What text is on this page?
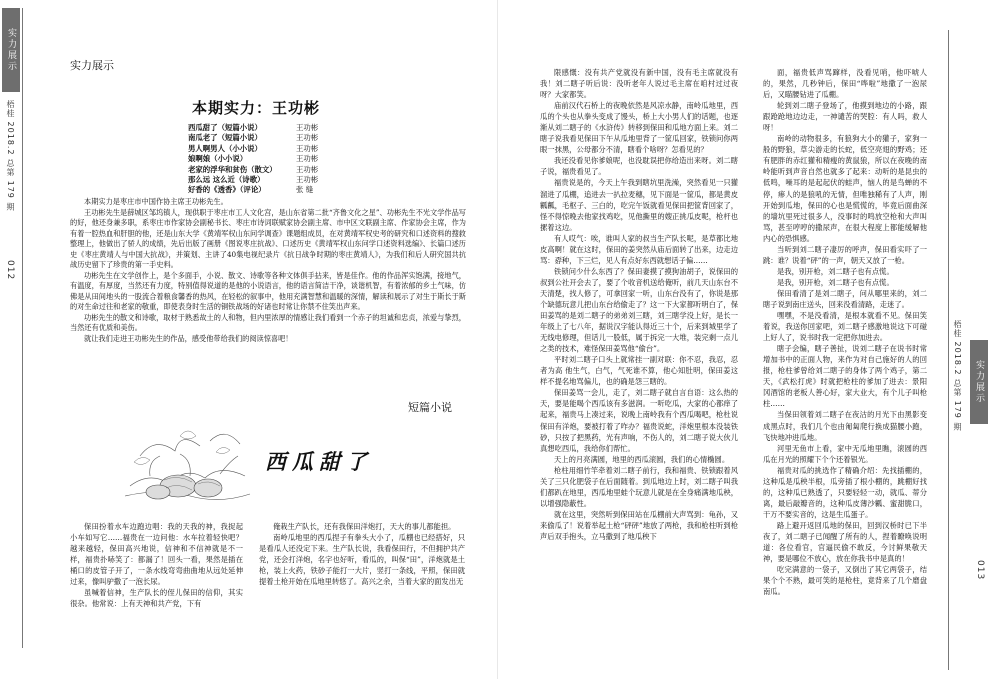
实力展示
梧桂 2018.2 总第 179 期
012
实力展示
本期实力：王功彬
西瓜甜了（短篇小说）	王功彬
南瓜老了（短篇小说）	王功彬
男人啊男人（小小说）	王功彬
娘啊娘（小小说）	王功彬
老家的浮华和贫伤（散文）	王功彬
那么远 这么近（诗歌）	王功彬
好香的《透香》（评论）	张 缝

本期实力是枣庄市中国作协主席王功彬先生。

王功彬先生是薛城区邹坞镇人，现供职于枣庄市工人文化宫，是山东省第二批“齐鲁文化之星”、功彬先生不光文学作品写的好，他还身兼多职，系枣庄市作家协会副秘书长、枣庄市诗词联赋家协会副主席、市中区文联副主席、作家协会主席，作为有着一腔热血和肝胆的他，还是山东大学《黄靖军权山东问学调查》课题组成员，在对黄靖军权史考的研究和口述资料的搜救整理上，他做出了骄人的成绩，先后出版了画册《图说枣庄抗战》、口述历史《黄靖军权山东问学口述资料选编》、长篇口述历史《枣庄黄靖人与中国大抗战》，并策划、主讲了40集电视纪录片《抗日战争时期的枣庄黄靖人》，为我们和后人研究国共抗战历史留下了珍贵的第一手史料。

功彬先生在文学创作上，是个多面手，小说、散文、诗歌等各种文体俱手拈来，皆是佳作。他的作品浑实饱满，接地气，有温度，有厚度，当然还有力度，特别值得说道的是他的小说语言，他的语言简洁干净，谈谐机智，有着浓郁的乡土气味，仿佛是从田间地头的一股流合着粮食馨香的热风，在轻松的叙事中，他用充满智慧和温暖的深情，解读和展示了对生于斯长于斯的对生命过往和老家的敬重，即使表身时生活的铜铁战场的好诸也时常让你禁不住笑出声来。

功彬先生的散文和诗歌，取材于熟悉故土的人和物，但内里浓厚的情感让我们看到一个赤子的坦诚和忠贞，浓爱与挚烈，当然还有优质和美伤。

就让我们走进王功彬先生的作品，感受他带给我们的阅读惊喜吧！

短篇小说
西瓜甜了

保田扮着水车边跑边唱：我的天我的神，我捉起小车如写它……福贵在一边问他：水车拉着轻快吧？越来越轻，保田高兴地说，信神和不信神就是不一样，福贵扑哧笑了：都漏了！回头一看，果然是插在桶口的皮管子开了，一条水线弯弯曲曲地从远处延伸过来，像叫驴撒了一泡长尿。

虽喊着信神，生产队长的侄儿保田的信仰，其实很杂。他常说：上有天神和共产党，下有

俺栽生产队长，还有我保田洋炮打，天大的事儿都能担。

南岭瓜地里的西瓜捏子有拳头大小了，瓜棚也已经搭好，只是看瓜人还没定下来。生产队长说，我看保田行，不但拥护共产党，还会打洋炮，名字也好听，看瓜的，叫保“田”，洋炮就是土枪，装上火药，铁砂子能打一大片，竖打一条线，平照，保田就提着土枪开始在瓜地里转悠了。高兴之余，当着大家的面发出无

限感慨：没有共产党就没有新中国，没有毛主席就没有我！刘二瞎子听后说：没听老年人说过毛主席在咱村过过夜呀？大家都笑。

庙前汉代石桥上的夜晚依然是风凉水静，南岭瓜地里，西瓜的个头也从拳头变成了馒头，桥上大小男人们的话题，也逐渐从刘二瞎子的《水浒传》转移到保田和瓜地方面上来。刘二瞎子说我看见保田下午从瓜地里背了一筐瓜回家，铁锁问你两眼一抹黑，公母都分不清，瞎看个啥呀？怎看见的？

我还没看见你爹娘呢，也没耽误把你给造出来呀。刘二瞎子说，福贵看见了。

福贵说是的，今天上午我到瞎坑里洗澡，突然看见一只獾溜进了瓜棚，追进去一扒拉麦穗，见下面是一筐瓜，都是黄皮瓤瓤，毛枢子、三白的，吃完午饭就看见保田把筐背回家了，怪不得惊晚去他家找鸡吃，见他撕里的嫂正挑瓜皮呢，枪杆也摞着这边。

有人哎气：唉，谁叫人家的叔当生产队长呢，是草都比地皮高啊！就在这时，保田的姜突然从庙后面转了出来，边走边骂：孬种，下三烂，见人有点好东西就想话子偏……

铁锁问少什么东西了？保田妻摸了摸狗油胡子，说保田的叔到公社开会去了，要了个收音机送给俺听，前几天山东台不天清楚，找人修了，可拿回家一听，山东台没有了，你说是那个缺德玩意儿把山东台给偷走了？这一下大家都听明白了，保田姜骂的是刘二瞎子的弟弟刘三瞎，刘三瞎学没上好，是长一年级上了七八年，据说汉字能认得近三十个，后来到城里学了无线电修理，但话儿一股低，属于拆完一大堆，装完剩一点儿之类的技术，难怪保田姜骂他“偷台”。

平时刘二瞎子口头上就常挂一副对联：你不忍，我忍，忍者为高 他生气，白气，气死谁不算，他心知肚明，保田姜这样不提名地骂偏儿，也的确是怨三瞎的。

保田姜骂一会儿，走了，刘二瞎子就自言自语：这么热的天，要是能喝个西瓜该有多滋润。一听吃瓜，大家的心都痒了起来，福贵马上凑过来，说晚上南岭我有个西瓜喝吧，枪杜说保田有洋炮，要被打着了咋办？福贵说蛇，洋炮里根本没装铁砂，只按了把黑药，光有声响，不伤人的，刘二瞎子说大伙儿真想吃西瓜，我给你们帮忙。

天上的月亮满圆，地里的西瓜滚圆，我们的心情椭圆。

枪柱用细竹竿牵着刘二瞎子前行，我和福贵、铁锁跟着风关了三只化肥袋子在后面随着。到瓜地边上时，刘二瞎子叫我们都趴在地里，西瓜地里蛙个玩意儿就是在全身痛满地瓜秧，以增强隐蔽性。

就在这里，突然听到保田站在瓜棚前大声骂到：龟孙，又来偷瓜了！说着举起土枪“砰砰”地放了两枪，我和枪柱听到枪声后双手抱头，立马撒到了地瓜秧下

面，福贵低声骂蹿样，没看见哨，他吓唬人的，果然，几秒钟后，保田“哗啦”地撒了一泡尿后，又瞄腰钻进了瓜棚。

轮到刘二瞎子登场了，他摸到地边的小路，跟跟跄跄地边边走，一神谴苦的哭腔：有人吗，救人呀！

南岭的动物很多，有狼狗大小的獾子，家狗一般的野狼，草尖游走的长蛇，低空亮翅的野鸡；还有肥胖的赤红獾和精瘦的黄鼠狼，所以在夜晚的南岭能听到声音自然也就多了起来：动听的是昆虫的低鸣，噪耳的是起起伏的蛙声，恼人的是鸟蝉的不停，瘆人的是狼吼的无情，但唯独稀有了人声，刚开始到瓜地，保田的心也是慌慌的，毕竟后面曲深的墙坑里死过很多人，没事时的鸣放空枪和大声叫骂，甚至哼哼的撒尿声，在很大程度上都能缓解他内心的恐惧感。

当听到刘二瞎子凄厉的呼声，保田看实吓了一跳：谁？说着“砰”的一声，朝天又放了一枪。

是我，别开枪，刘二瞎子也有点慌。

是我，别开枪，刘二瞎子也有点慌。

保田看清了是刘二瞎子，问从哪里来的，刘二瞎子说到南庄送头，回来没看清路，走迷了。

嘿嘿，不是没看清，是根本就看不见。保田笑着说，我送你回家吧，刘二瞎子感激地说这下可碰上好人了，说书时我一定把你加进去。

瞎子会编，瞎子善扯，说刘二瞎子在说书时常增加书中的正面人物，来作为对自己施好的人的回报，枪柱爹曾给刘二瞎子的身体了两个鸡子，第二天，《武松打虎》时就把枪柱的爹加了进去：景阳冈酒馆的老板人善心好，家大业大，有个儿子叫枪柱……

当保田领着刘二瞎子在夜沽的月光下由黑影变成黑点时，我们几个也由匍匐爬行换成猫腰小跑，飞快地冲进瓜地。

河里无鱼市上看，家中无瓜地里瞧，滚圆的西瓜在月光的照耀下个个还着银光。

福贵对瓜的挑选作了精确介绍：先找插棚的，这种瓜是瓜秧半根，瓜旁插了根小棚的，跳棚好找的，这种瓜已熟透了，只要轻轻一动，就瓜、蒂分离，最后敲瓣音的，这种瓜皮薄沙瓤、蜜甜脆口，干万不要实音的，这是生瓜蛋子。

路上避开返回瓜地的保田，回到汉桥时已下半夜了，刘二瞎子已闻醒了所有的人，捏着瞭唤说明道：各位看官，官逼民偷不敢反，今讨鲜果敬天神，要是哪位不放心，放在你我书中是真的！

吃完满意的一袋子，又倒出了其它两袋子，结果个个不熟，最可笑的是枪柱，竟背来了几个磨盘南瓜。

梧桂 2018.2 总第 179 期	实力展示
013
